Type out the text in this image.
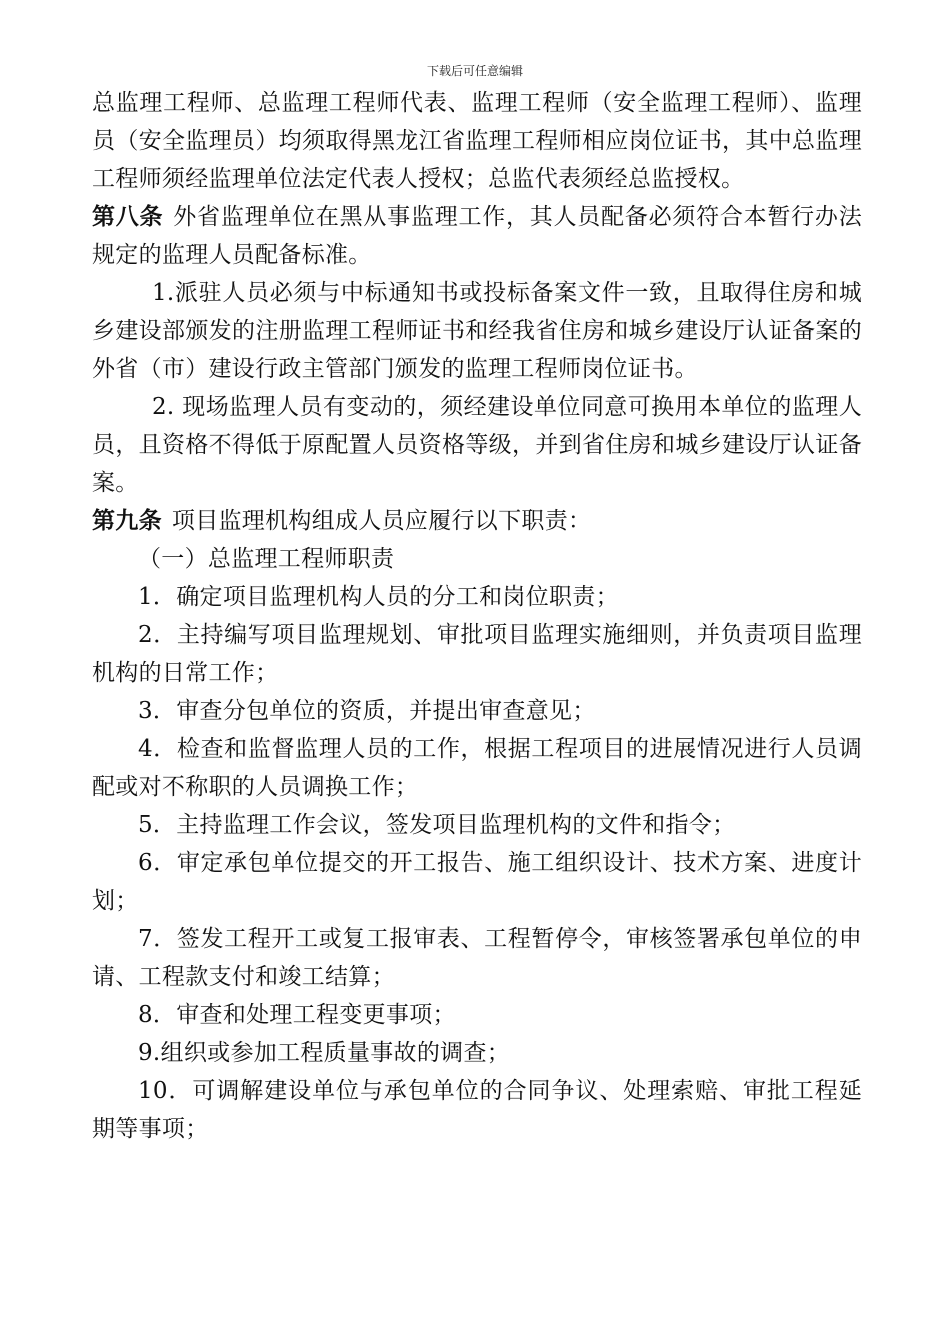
下载后可任意编辑

总监理工程师、总监理工程师代表、监理工程师（安全监理工程师）、监理员（安全监理员）均须取得黑龙江省监理工程师相应岗位证书，其中总监理工程师须经监理单位法定代表人授权；总监代表须经总监授权。

第八条 外省监理单位在黑从事监理工作，其人员配备必须符合本暂行办法规定的监理人员配备标准。

1.派驻人员必须与中标通知书或投标备案文件一致，且取得住房和城乡建设部颁发的注册监理工程师证书和经我省住房和城乡建设厅认证备案的外省（市）建设行政主管部门颁发的监理工程师岗位证书。

2. 现场监理人员有变动的，须经建设单位同意可换用本单位的监理人员，且资格不得低于原配置人员资格等级，并到省住房和城乡建设厅认证备案。

第九条 项目监理机构组成人员应履行以下职责：

（一）总监理工程师职责

1．确定项目监理机构人员的分工和岗位职责；

2．主持编写项目监理规划、审批项目监理实施细则，并负责项目监理机构的日常工作；

3．审查分包单位的资质，并提出审查意见；

4．检查和监督监理人员的工作，根据工程项目的进展情况进行人员调配或对不称职的人员调换工作；

5．主持监理工作会议，签发项目监理机构的文件和指令；

6．审定承包单位提交的开工报告、施工组织设计、技术方案、进度计划；

7．签发工程开工或复工报审表、工程暂停令，审核签署承包单位的申请、工程款支付和竣工结算；

8．审查和处理工程变更事项；

9.组织或参加工程质量事故的调查；

10．可调解建设单位与承包单位的合同争议、处理索赔、审批工程延期等事项；
